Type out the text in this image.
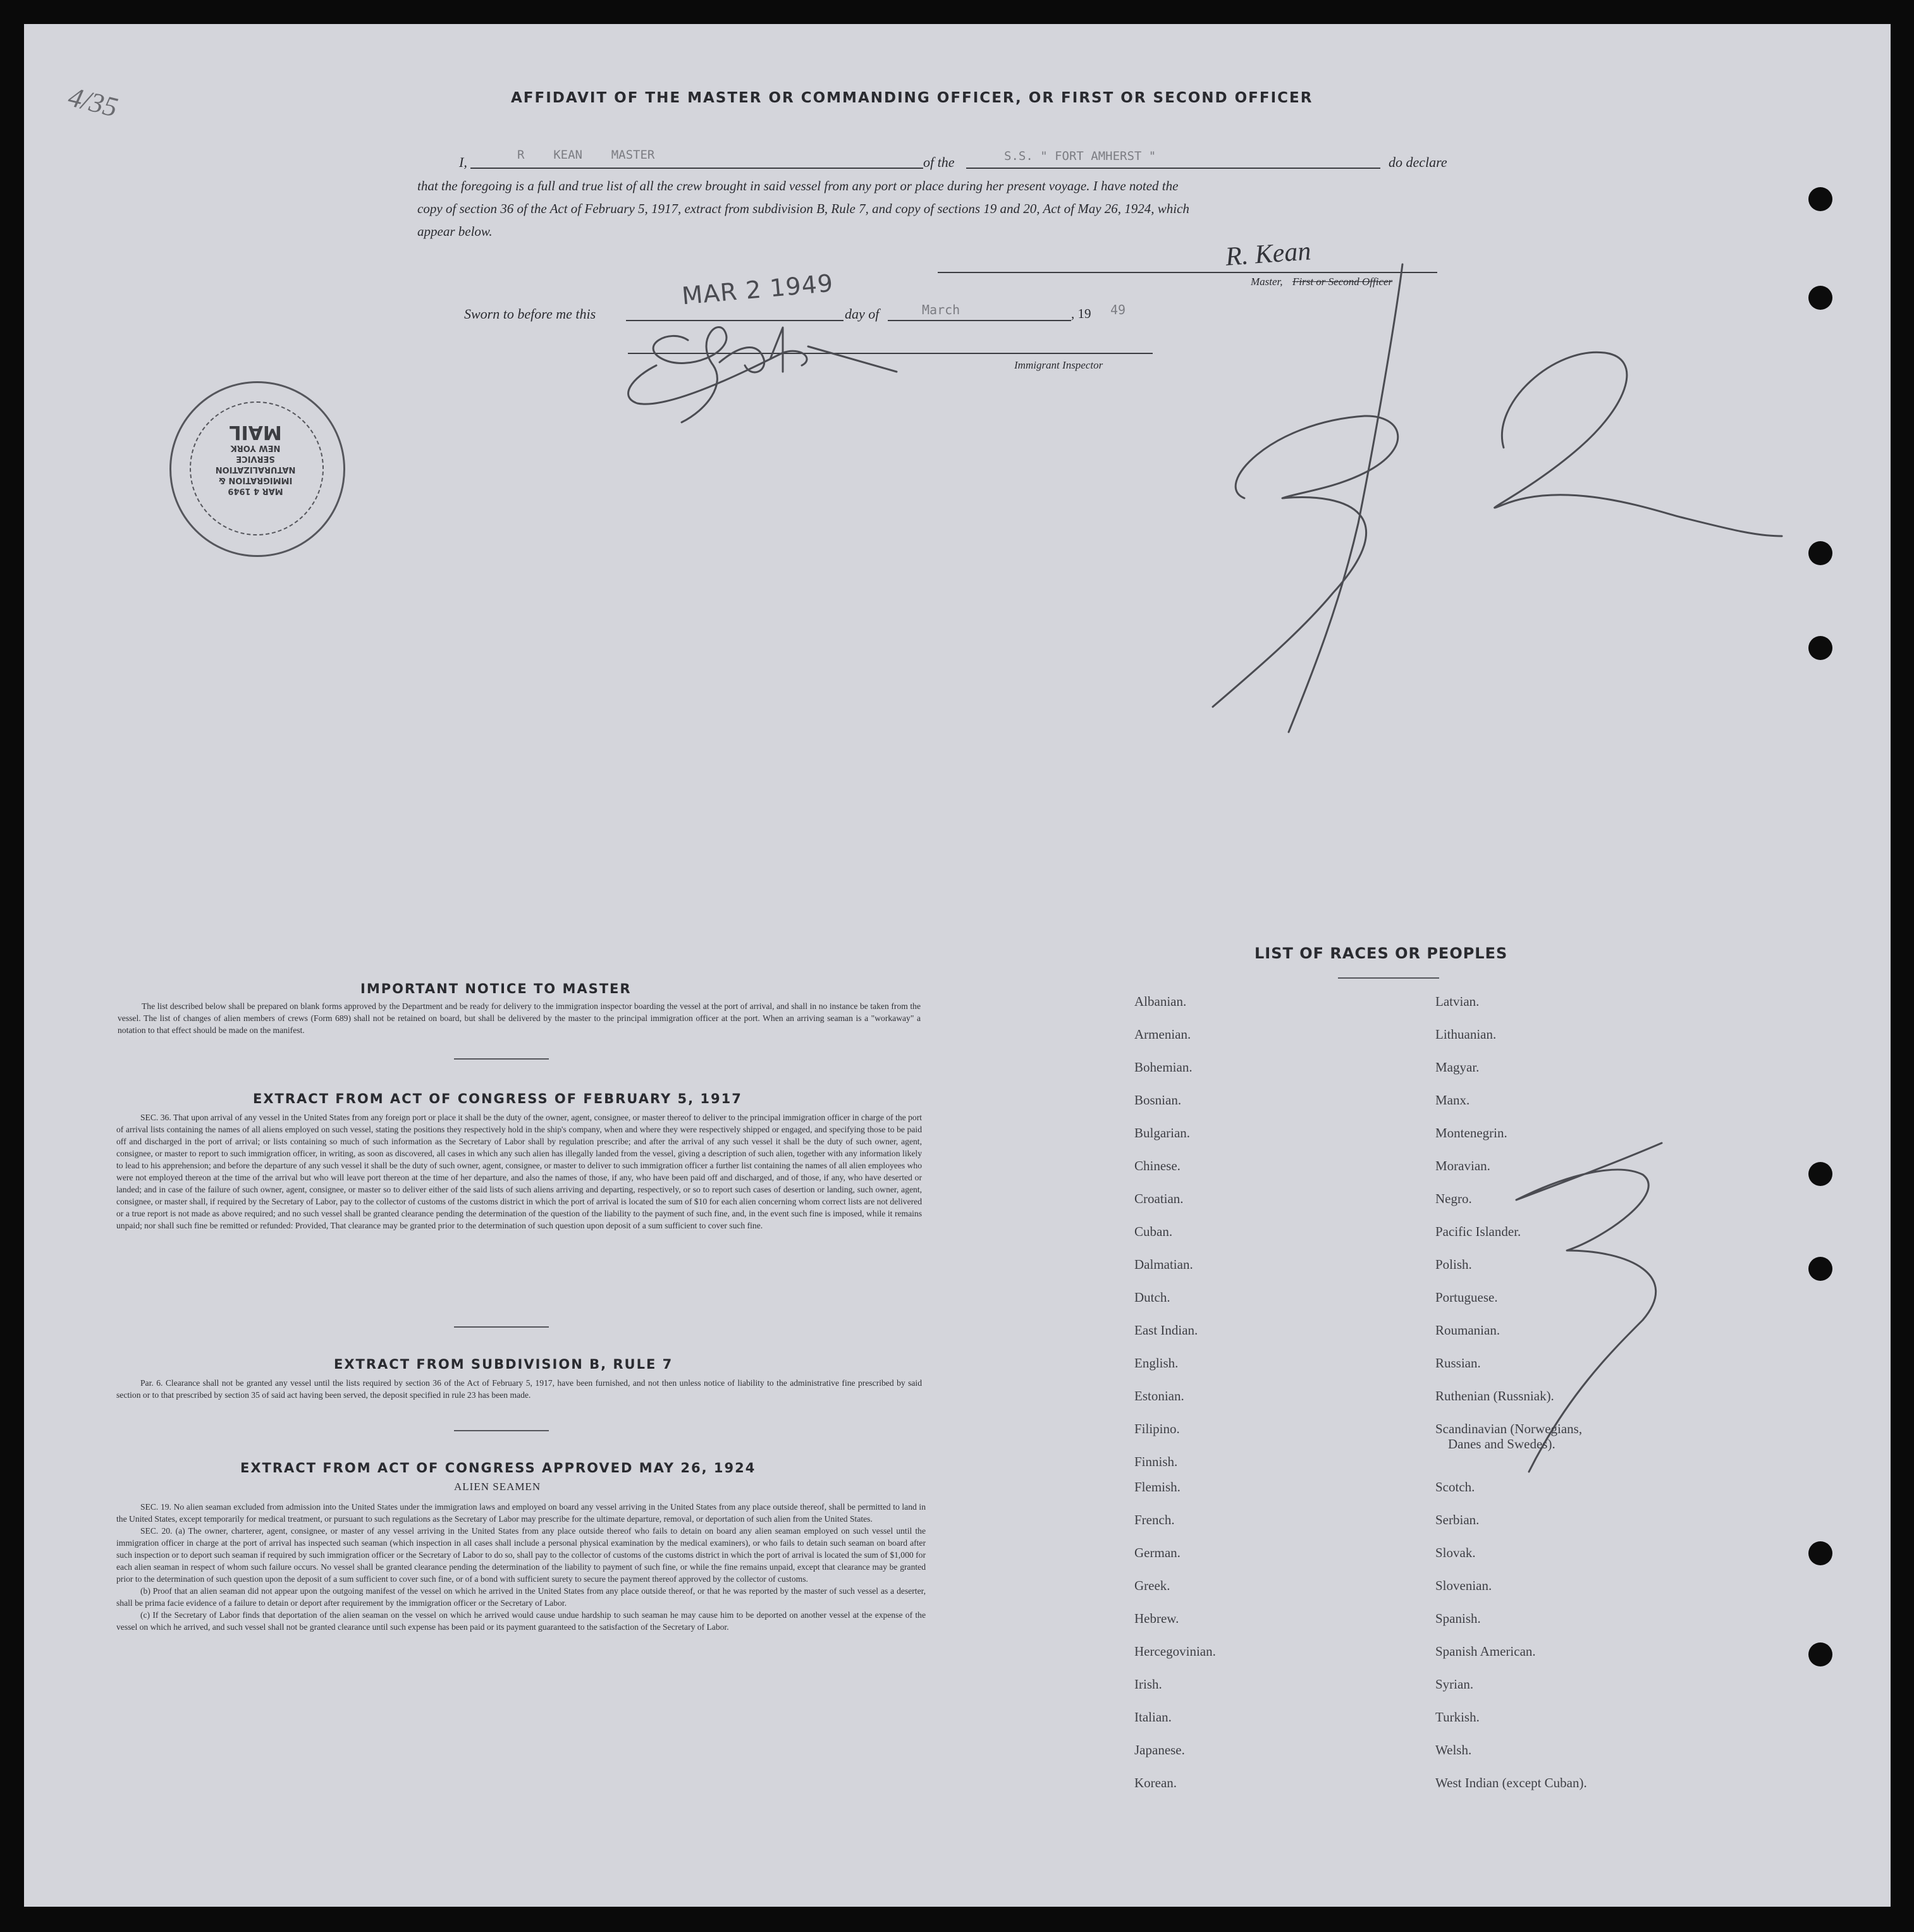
4/35	AFFIDAVIT OF THE MASTER OR COMMANDING OFFICER, OR FIRST OR SECOND OFFICER
I,	R    KEAN    MASTER	of the	S.S. " FORT AMHERST "	do declare
that the foregoing is a full and true list of all the crew brought in said vessel from any port or place during her present voyage. I have noted the
copy of section 36 of the Act of February 5, 1917, extract from subdivision B, Rule 7, and copy of sections 19 and 20, Act of May 26, 1924, which
appear below.
R. Kean
Master, First or Second Officer
Sworn to before me this
MAR 2 1949
day of	March	, 19 49
Immigrant Inspector
MAR 4 1949
IMMIGRATION &
NATURALIZATION
SERVICE
NEW YORK
MAIL
IMPORTANT NOTICE TO MASTER

The list described below shall be prepared on blank forms approved by the Department and be ready for delivery to the immigration inspector boarding the vessel at the port of arrival, and shall in no instance be taken from the vessel. The list of changes of alien members of crews (Form 689) shall not be retained on board, but shall be delivered by the master to the principal immigration officer at the port. When an arriving seaman is a "workaway" a notation to that effect should be made on the manifest.

EXTRACT FROM ACT OF CONGRESS OF FEBRUARY 5, 1917

SEC. 36. That upon arrival of any vessel in the United States from any foreign port or place it shall be the duty of the owner, agent, consignee, or master thereof to deliver to the principal immigration officer in charge of the port of arrival lists containing the names of all aliens employed on such vessel, stating the positions they respectively hold in the ship's company, when and where they were respectively shipped or engaged, and specifying those to be paid off and discharged in the port of arrival; or lists containing so much of such information as the Secretary of Labor shall by regulation prescribe; and after the arrival of any such vessel it shall be the duty of such owner, agent, consignee, or master to report to such immigration officer, in writing, as soon as discovered, all cases in which any such alien has illegally landed from the vessel, giving a description of such alien, together with any information likely to lead to his apprehension; and before the departure of any such vessel it shall be the duty of such owner, agent, consignee, or master to deliver to such immigration officer a further list containing the names of all alien employees who were not employed thereon at the time of the arrival but who will leave port thereon at the time of her departure, and also the names of those, if any, who have been paid off and discharged, and of those, if any, who have deserted or landed; and in case of the failure of such owner, agent, consignee, or master so to deliver either of the said lists of such aliens arriving and departing, respectively, or so to report such cases of desertion or landing, such owner, agent, consignee, or master shall, if required by the Secretary of Labor, pay to the collector of customs of the customs district in which the port of arrival is located the sum of $10 for each alien concerning whom correct lists are not delivered or a true report is not made as above required; and no such vessel shall be granted clearance pending the determination of the question of the liability to the payment of such fine, and, in the event such fine is imposed, while it remains unpaid; nor shall such fine be remitted or refunded: Provided, That clearance may be granted prior to the determination of such question upon deposit of a sum sufficient to cover such fine.

EXTRACT FROM SUBDIVISION B, RULE 7

Par. 6. Clearance shall not be granted any vessel until the lists required by section 36 of the Act of February 5, 1917, have been furnished, and not then unless notice of liability to the administrative fine prescribed by said section or to that prescribed by section 35 of said act having been served, the deposit specified in rule 23 has been made.

EXTRACT FROM ACT OF CONGRESS APPROVED MAY 26, 1924
ALIEN SEAMEN

SEC. 19. No alien seaman excluded from admission into the United States under the immigration laws and employed on board any vessel arriving in the United States from any place outside thereof, shall be permitted to land in the United States, except temporarily for medical treatment, or pursuant to such regulations as the Secretary of Labor may prescribe for the ultimate departure, removal, or deportation of such alien from the United States.

SEC. 20. (a) The owner, charterer, agent, consignee, or master of any vessel arriving in the United States from any place outside thereof who fails to detain on board any alien seaman employed on such vessel until the immigration officer in charge at the port of arrival has inspected such seaman (which inspection in all cases shall include a personal physical examination by the medical examiners), or who fails to detain such seaman on board after such inspection or to deport such seaman if required by such immigration officer or the Secretary of Labor to do so, shall pay to the collector of customs of the customs district in which the port of arrival is located the sum of $1,000 for each alien seaman in respect of whom such failure occurs. No vessel shall be granted clearance pending the determination of the liability to payment of such fine, or while the fine remains unpaid, except that clearance may be granted prior to the determination of such question upon the deposit of a sum sufficient to cover such fine, or of a bond with sufficient surety to secure the payment thereof approved by the collector of customs.

(b) Proof that an alien seaman did not appear upon the outgoing manifest of the vessel on which he arrived in the United States from any place outside thereof, or that he was reported by the master of such vessel as a deserter, shall be prima facie evidence of a failure to detain or deport after requirement by the immigration officer or the Secretary of Labor.

(c) If the Secretary of Labor finds that deportation of the alien seaman on the vessel on which he arrived would cause undue hardship to such seaman he may cause him to be deported on another vessel at the expense of the vessel on which he arrived, and such vessel shall not be granted clearance until such expense has been paid or its payment guaranteed to the satisfaction of the Secretary of Labor.

LIST OF RACES OR PEOPLES
Albanian.
Armenian.
Bohemian.
Bosnian.
Bulgarian.
Chinese.
Croatian.
Cuban.
Dalmatian.
Dutch.
East Indian.
English.
Estonian.
Filipino.
Finnish.
Flemish.
French.
German.
Greek.
Hebrew.
Hercegovinian.
Irish.
Italian.
Japanese.
Korean.
Latvian.
Lithuanian.
Magyar.
Manx.
Montenegrin.
Moravian.
Negro.
Pacific Islander.
Polish.
Portuguese.
Roumanian.
Russian.
Ruthenian (Russniak).
Scandinavian (Norwegians,
Danes and Swedes).
Scotch.
Serbian.
Slovak.
Slovenian.
Spanish.
Spanish American.
Syrian.
Turkish.
Welsh.
West Indian (except Cuban).
